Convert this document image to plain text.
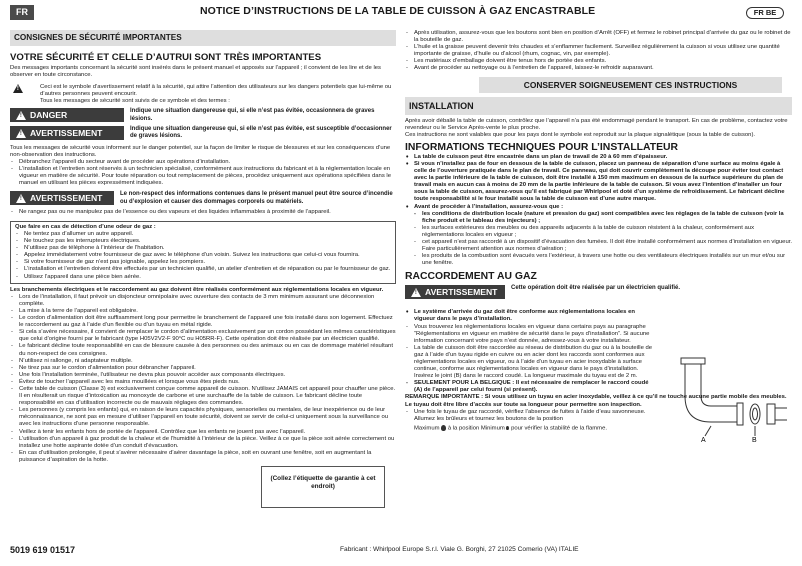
FR	NOTICE D’INSTRUCTIONS DE LA TABLE DE CUISSON À GAZ ENCASTRABLE	FR BE
CONSIGNES DE SÉCURITÉ IMPORTANTES
VOTRE SÉCURITÉ ET CELLE D’AUTRUI SONT TRÈS IMPORTANTES

Des messages importants concernant la sécurité sont insérés dans le présent manuel et apposés sur l’appareil ; il convient de les lire et de les observer en toute circonstance.

!

Ceci est le symbole d’avertissement relatif à la sécurité, qui attire l’attention des utilisateurs sur les dangers potentiels que lui-même ou d’autres personnes peuvent encourir.

Tous les messages de sécurité sont suivis de ce symbole et des termes :

!
DANGER	Indique une situation dangereuse qui, si elle n’est pas évitée, occasionnera de graves lésions.
!
AVERTISSEMENT	Indique une situation dangereuse qui, si elle n’est pas évitée, est susceptible d’occasionner de graves lésions.

Tous les messages de sécurité vous informent sur le danger potentiel, sur la façon de limiter le risque de blessures et sur les conséquences d’une non-observation des instructions.

- Débranchez l’appareil du secteur avant de procéder aux opérations d’installation.
- L’installation et l’entretien sont réservés à un technicien spécialisé, conformément aux instructions du fabricant et à la réglementation locale en vigueur en matière de sécurité. Pour toute réparation ou tout remplacement de pièces, procédez uniquement aux opérations spécifiées dans le manuel en utilisant les pièces expressément indiquées.
!
AVERTISSEMENT	Le non-respect des informations contenues dans le présent manuel peut être source d’incendie ou d’explosion et causer des dommages corporels ou matériels.
- Ne rangez pas ou ne manipulez pas de l’essence ou des vapeurs et des liquides inflammables à proximité de l’appareil.

Que faire en cas de détection d’une odeur de gaz :

- Ne tentez pas d’allumer un autre appareil.
- Ne touchez pas les interrupteurs électriques.
- N’utilisez pas de téléphone à l’intérieur de l’habitation.
- Appelez immédiatement votre fournisseur de gaz avec le téléphone d’un voisin. Suivez les instructions que celui-ci vous fournira.
- Si votre fournisseur de gaz n’est pas joignable, appelez les pompiers.
- L’installation et l’entretien doivent être effectués par un technicien qualifié, un atelier d’entretien et de réparation ou par le fournisseur de gaz.
- Utilisez l’appareil dans une pièce bien aérée.

Les branchements électriques et le raccordement au gaz doivent être réalisés conformément aux réglementations locales en vigueur.

- Lors de l’installation, il faut prévoir un disjoncteur omnipolaire avec ouverture des contacts de 3 mm minimum assurant une déconnexion complète.
- La mise à la terre de l’appareil est obligatoire.
- Le cordon d’alimentation doit être suffisamment long pour permettre le branchement de l’appareil une fois installé dans son logement. Effectuez le raccordement au gaz à l’aide d’un flexible ou d’un tuyau en métal rigide.
- Si cela s’avère nécessaire, il convient de remplacer le cordon d’alimentation exclusivement par un cordon possédant les mêmes caractéristiques que celui d’origine fourni par le fabricant (type H05V2V2-F 90°C ou H05RR-F). Cette opération doit être réalisée par un électricien qualifié.
- Le fabricant décline toute responsabilité en cas de blessure causée à des personnes ou des animaux ou en cas de dommage matériel résultant du non-respect de ces consignes.
- N’utilisez ni rallonge, ni adaptateur multiple.
- Ne tirez pas sur le cordon d’alimentation pour débrancher l’appareil.
- Une fois l’installation terminée, l’utilisateur ne devra plus pouvoir accéder aux composants électriques.
- Évitez de toucher l’appareil avec les mains mouillées et lorsque vous êtes pieds nus.
- Cette table de cuisson (Classe 3) est exclusivement conçue comme appareil de cuisson. N’utilisez JAMAIS cet appareil pour chauffer une pièce. Il en résulterait un risque d’intoxication au monoxyde de carbone et une surchauffe de la table de cuisson. Le fabricant décline toute responsabilité en cas d’utilisation incorrecte ou de mauvais réglages des commandes.
- Les personnes (y compris les enfants) qui, en raison de leurs capacités physiques, sensorielles ou mentales, de leur inexpérience ou de leur méconnaissance, ne sont pas en mesure d’utiliser l’appareil en toute sécurité, doivent se servir de celui-ci uniquement sous la surveillance ou avec les instructions d’une personne responsable.
- Veillez à tenir les enfants hors de portée de l’appareil. Contrôlez que les enfants ne jouent pas avec l’appareil.
- L’utilisation d’un appareil à gaz produit de la chaleur et de l’humidité à l’intérieur de la pièce. Veillez à ce que la pièce soit aérée correctement ou installez une hotte aspirante dotée d’un conduit d’évacuation.
- En cas d’utilisation prolongée, il peut s’avérer nécessaire d’aérer davantage la pièce, soit en ouvrant une fenêtre, soit en augmentant la puissance d’aspiration de la hotte.
- Après utilisation, assurez-vous que les boutons sont bien en position d’Arrêt (OFF) et fermez le robinet principal d’arrivée du gaz ou le robinet de la bouteille de gaz.
- L’huile et la graisse peuvent devenir très chaudes et s’enflammer facilement. Surveillez régulièrement la cuisson si vous utilisez une quantité importante de graisse, d’huile ou d’alcool (rhum, cognac, vin, par exemple).
- Les matériaux d’emballage doivent être tenus hors de portée des enfants.
- Avant de procéder au nettoyage ou à l’entretien de l’appareil, laissez-le refroidir auparavant.
CONSERVER SOIGNEUSEMENT CES INSTRUCTIONS
INSTALLATION

Après avoir déballé la table de cuisson, contrôlez que l’appareil n’a pas été endommagé pendant le transport. En cas de problème, contactez votre revendeur ou le Service Après-vente le plus proche.

Ces instructions ne sont valables que pour les pays dont le symbole est reproduit sur la plaque signalétique (sous la table de cuisson).

INFORMATIONS TECHNIQUES POUR L’INSTALLATEUR
• La table de cuisson peut être encastrée dans un plan de travail de 20 à 60 mm d’épaisseur.
• Si vous n’installez pas de four en dessous de la table de cuisson, placez un panneau de séparation d’une surface au moins égale à celle de l’ouverture pratiquée dans le plan de travail. Ce panneau, qui doit couvrir complètement la découpe pour éviter tout contact avec la partie inférieure de la table de cuisson, doit être installé à 150 mm maximum en dessous de la surface supérieure du plan de travail mais en aucun cas à moins de 20 mm de la partie inférieure de la table de cuisson. Si vous avez l’intention d’installer un four sous la table de cuisson, assurez-vous qu’il est fabriqué par Whirlpool et doté d’un système de refroidissement. Le fabricant décline toute responsabilité si le four installé sous la table de cuisson est d’une autre marque.
• Avant de procéder à l’installation, assurez-vous que :
- les conditions de distribution locale (nature et pression du gaz) sont compatibles avec les réglages de la table de cuisson (voir la fiche produit et le tableau des injecteurs) ;
- les surfaces extérieures des meubles ou des appareils adjacents à la table de cuisson résistent à la chaleur, conformément aux réglementations locales en vigueur ;
- cet appareil n’est pas raccordé à un dispositif d’évacuation des fumées. Il doit être installé conformément aux normes d’installation en vigueur. Faire particulièrement attention aux normes d’aération ;
- les produits de la combustion sont évacués vers l’extérieur, à travers une hotte ou des ventilateurs électriques installés sur un mur et/ou sur une fenêtre.
RACCORDEMENT AU GAZ
!
AVERTISSEMENT Cette opération doit être réalisée par un électricien qualifié.
• Le système d’arrivée du gaz doit être conforme aux réglementations locales en vigueur dans le pays d’installation.
- Vous trouverez les réglementations locales en vigueur dans certains pays au paragraphe “Réglementations en vigueur en matière de sécurité dans le pays d’installation”. Si aucune information concernant votre pays n’est donnée, adressez-vous à votre installateur.
- La table de cuisson doit être raccordée au réseau de distribution du gaz ou à la bouteille de gaz à l’aide d’un tuyau rigide en cuivre ou en acier dont les raccords sont conformes aux réglementations locales en vigueur, ou à l’aide d’un tuyau en acier inoxydable à surface continue, conforme aux réglementations locales en vigueur dans le pays d’installation. Insérez le joint (B) dans le raccord coudé. La longueur maximale du tuyau est de 2 m.
- SEULEMENT POUR LA BELGIQUE : Il est nécessaire de remplacer le raccord coudé (A) de l’appareil par celui fourni (si présent).

REMARQUE IMPORTANTE : Si vous utilisez un tuyau en acier inoxydable, veillez à ce qu’il ne touche aucune partie mobile des meubles. Le tuyau doit être libre d’accès sur toute sa longueur pour permettre son inspection.

- Une fois le tuyau de gaz raccordé, vérifiez l’absence de fuites à l’aide d’eau savonneuse. Allumez les brûleurs et tournez les boutons de la position

Maximum à la position Minimum pour vérifier la stabilité de la flamme.

A	B
(Collez l’étiquette de garantie à cet endroit)
5019 619 01517	Fabricant : Whirlpool Europe S.r.l. Viale G. Borghi, 27 21025 Comerio (VA) ITALIE
